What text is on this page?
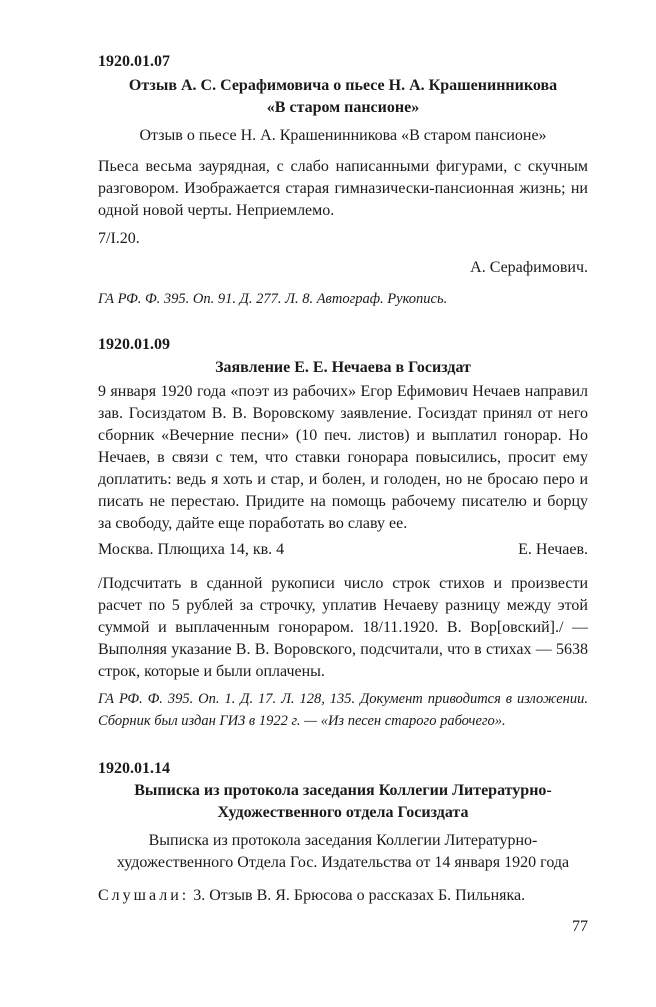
1920.01.07
Отзыв А. С. Серафимовича о пьесе Н. А. Крашенинникова
«В старом пансионе»
Отзыв о пьесе Н. А. Крашенинникова «В старом пансионе»
Пьеса весьма заурядная, с слабо написанными фигурами, с скучным разговором. Изображается старая гимназически-пансионная жизнь; ни одной новой черты. Неприемлемо.
7/I.20.
А. Серафимович.
ГА РФ. Ф. 395. Оп. 91. Д. 277. Л. 8. Автограф. Рукопись.
1920.01.09
Заявление Е. Е. Нечаева в Госиздат
9 января 1920 года «поэт из рабочих» Егор Ефимович Нечаев направил зав. Госиздатом В. В. Воровскому заявление. Госиздат принял от него сборник «Вечерние песни» (10 печ. листов) и выплатил гонорар. Но Нечаев, в связи с тем, что ставки гонорара повысились, просит ему доплатить: ведь я хоть и стар, и болен, и голоден, но не бросаю перо и писать не перестаю. Придите на помощь рабочему писателю и борцу за свободу, дайте еще поработать во славу ее.
Москва. Плющиха 14, кв. 4	Е. Нечаев.
/Подсчитать в сданной рукописи число строк стихов и произвести расчет по 5 рублей за строчку, уплатив Нечаеву разницу между этой суммой и выплаченным гонораром. 18/11.1920. В. Вор[овский]./ — Выполняя указание В. В. Воровского, подсчитали, что в стихах — 5638 строк, которые и были оплачены.
ГА РФ. Ф. 395. Оп. 1. Д. 17. Л. 128, 135. Документ приводится в изложении. Сборник был издан ГИЗ в 1922 г. — «Из песен старого рабочего».
1920.01.14
Выписка из протокола заседания Коллегии Литературно-
Художественного отдела Госиздата
Выписка из протокола заседания Коллегии Литературно-
художественного Отдела Гос. Издательства от 14 января 1920 года
Слушали: 3. Отзыв В. Я. Брюсова о рассказах Б. Пильняка.
77
